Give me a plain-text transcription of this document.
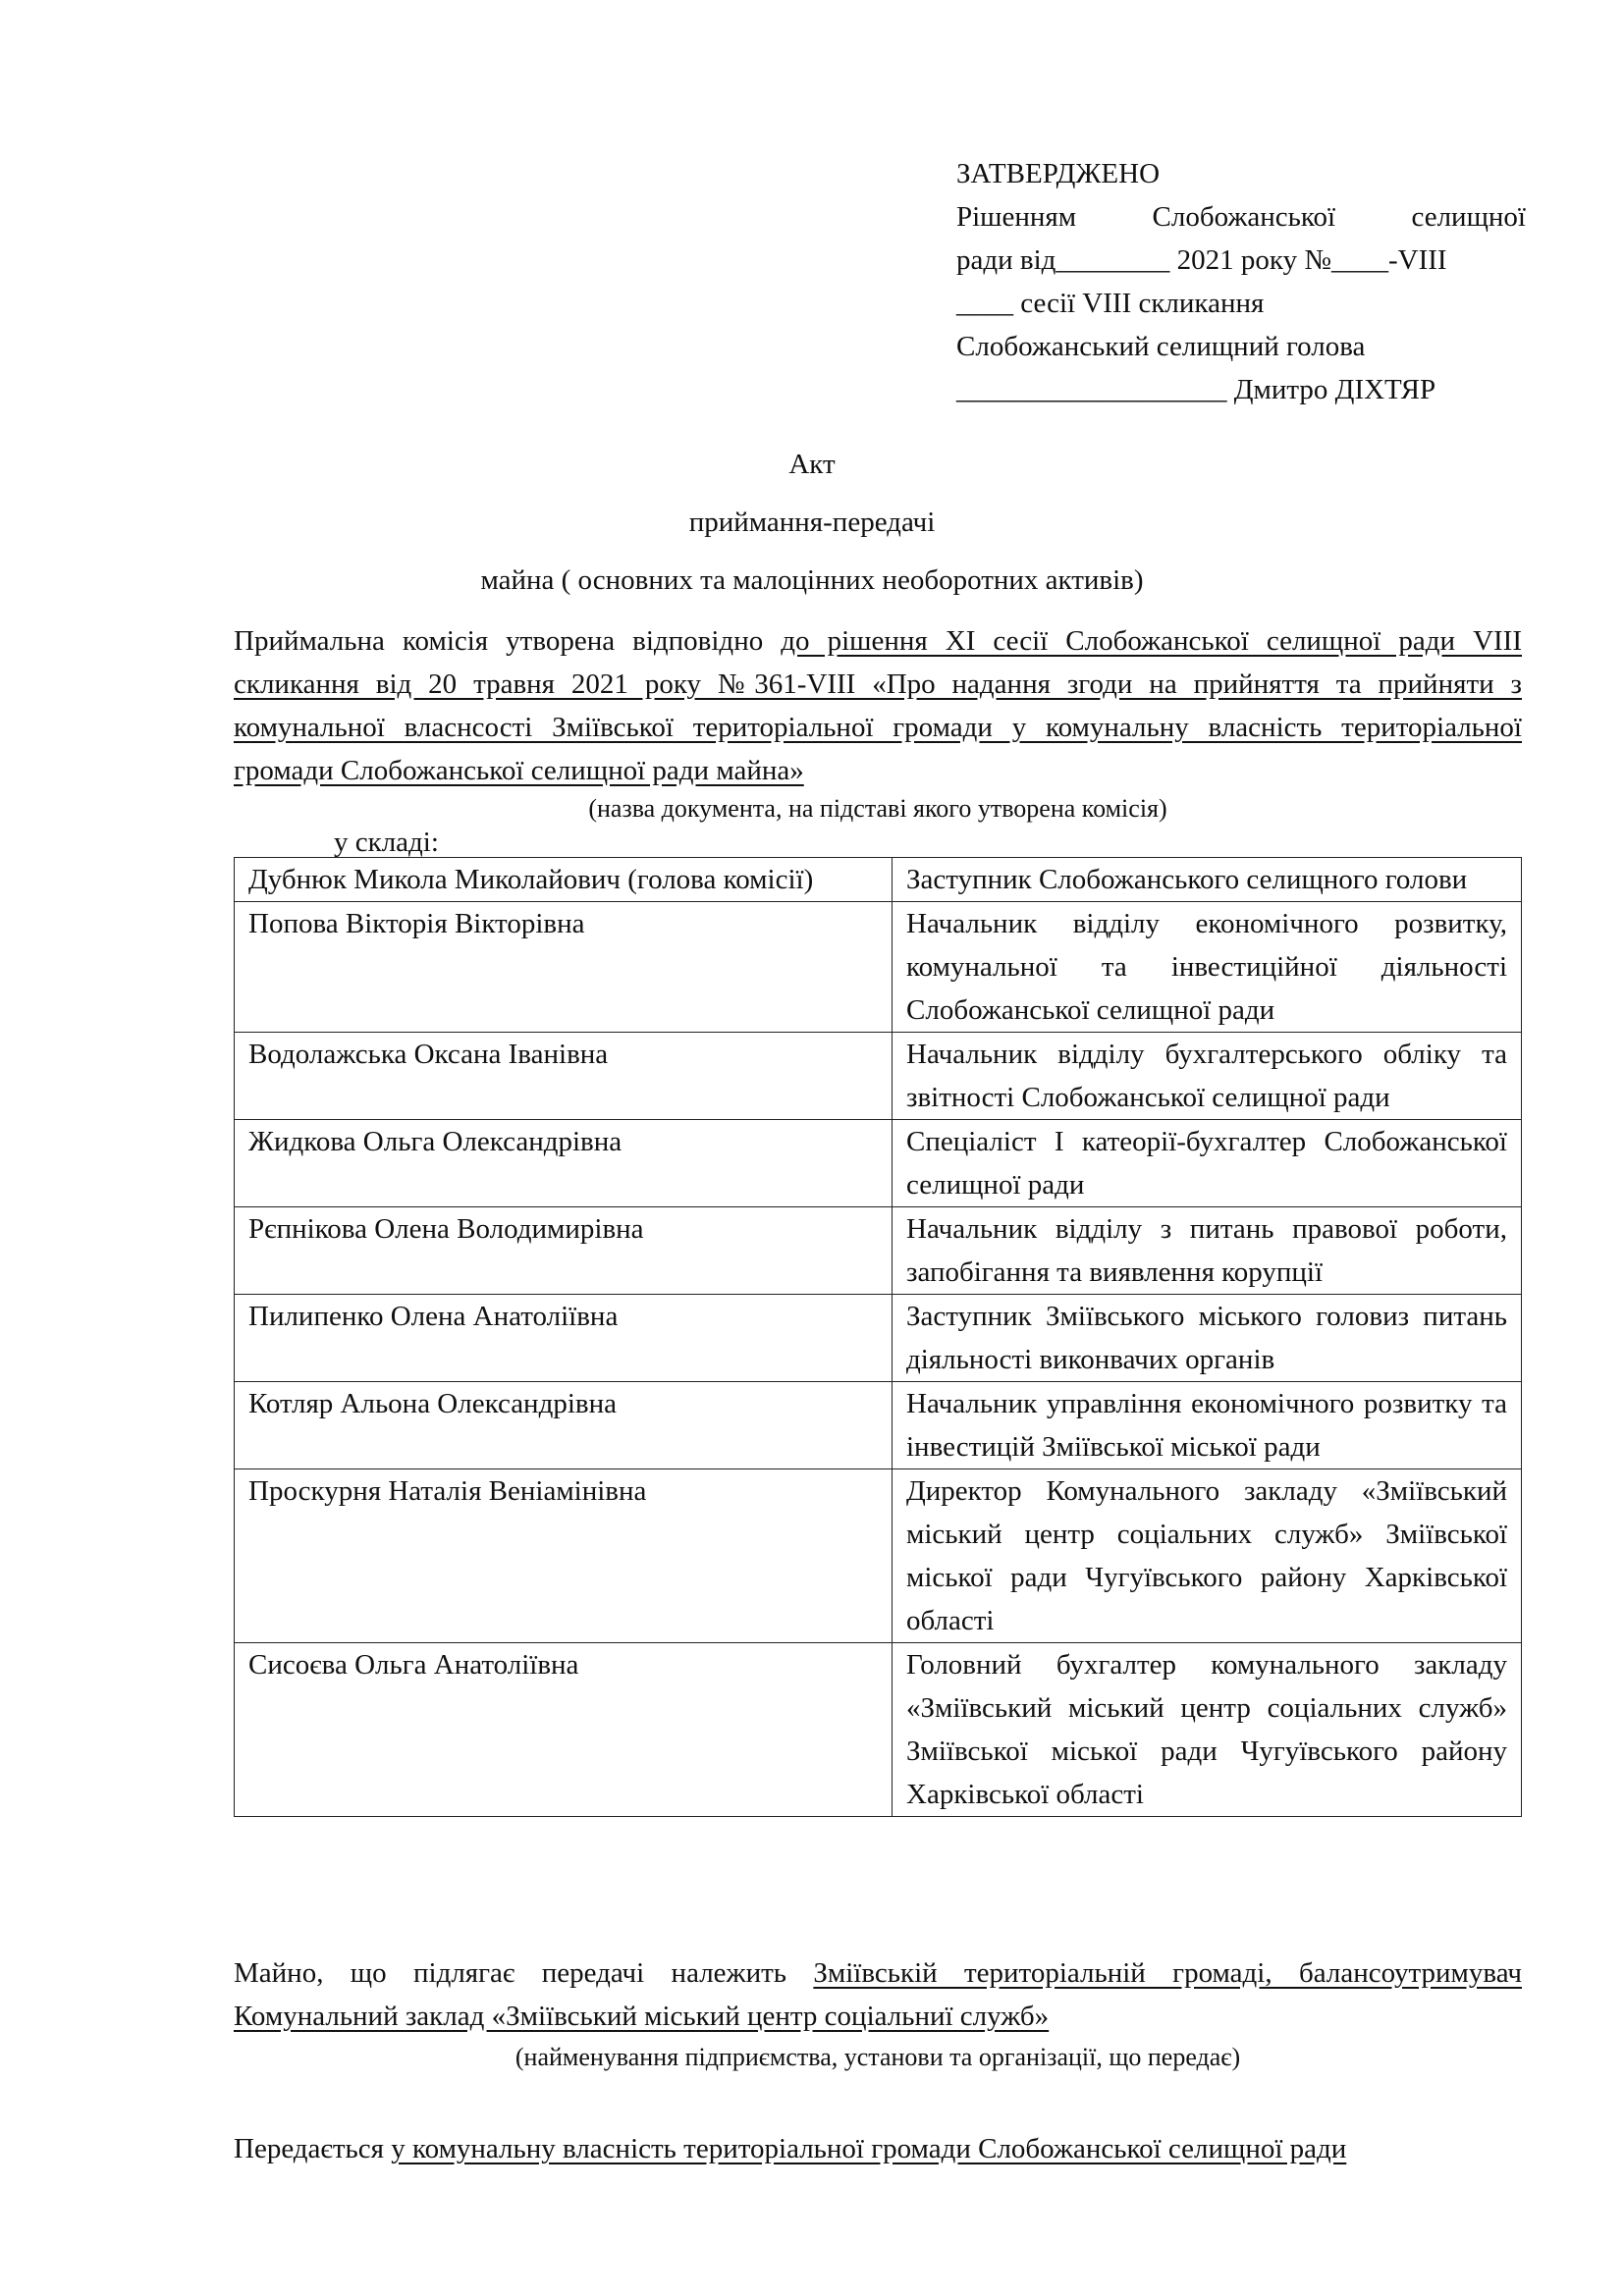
ЗАТВЕРДЖЕНО
Рішенням	Слобожанської	селищної
ради від________ 2021 року №____-VIII
____ сесії VIII скликання
Слобожанський селищний голова
___________________ Дмитро ДІХТЯР
Акт
приймання-передачі
майна ( основних та малоцінних необоротних активів)
Приймальна комісія утворена відповідно до рішення XI сесії Слобожанської селищної ради VIII скликання від 20 травня 2021 року №361-VIII «Про надання згоди на прийняття та прийняти з комунальної власнсості Зміївської територіальної громади у комунальну власність територіальної громади Слобожанської селищної ради майна»
(назва документа, на підставі якого утворена комісія)
у складі:
Дубнюк Микола Миколайович (голова комісії)	Заступник Слобожанського селищного голови
Попова Вікторія Вікторівна	Начальник відділу економічного розвитку, комунальної та інвестиційної діяльності Слобожанської селищної ради
Водолажська Оксана Іванівна	Начальник відділу бухгалтерського обліку та звітності Слобожанської селищної ради
Жидкова Ольга Олександрівна	Спеціаліст І катеорії-бухгалтер Слобожанської селищної ради
Рєпнікова Олена Володимирівна	Начальник відділу з питань правової роботи, запобігання та виявлення корупції
Пилипенко Олена Анатоліївна	Заступник Зміївського міського головиз питань діяльності виконвачих органів
Котляр Альона Олександрівна	Начальник управління економічного розвитку та інвестицій Зміївської міської ради
Проскурня Наталія Веніамінівна	Директор Комунального закладу «Зміївський міський центр соціальних служб» Зміївської міської ради Чугуївського району Харківської області
Сисоєва Ольга Анатоліївна	Головний бухгалтер комунального закладу «Зміївський міський центр соціальних служб» Зміївської міської ради Чугуївського району Харківської області
Майно, що підлягає передачі належить Зміївській територіальній громаді, балансоутримувач Комунальний заклад «Зміївський міський центр соціальниї служб»
(найменування підприємства, установи та організації, що передає)
Передається у комунальну власність територіальної громади Слобожанської селищної ради
